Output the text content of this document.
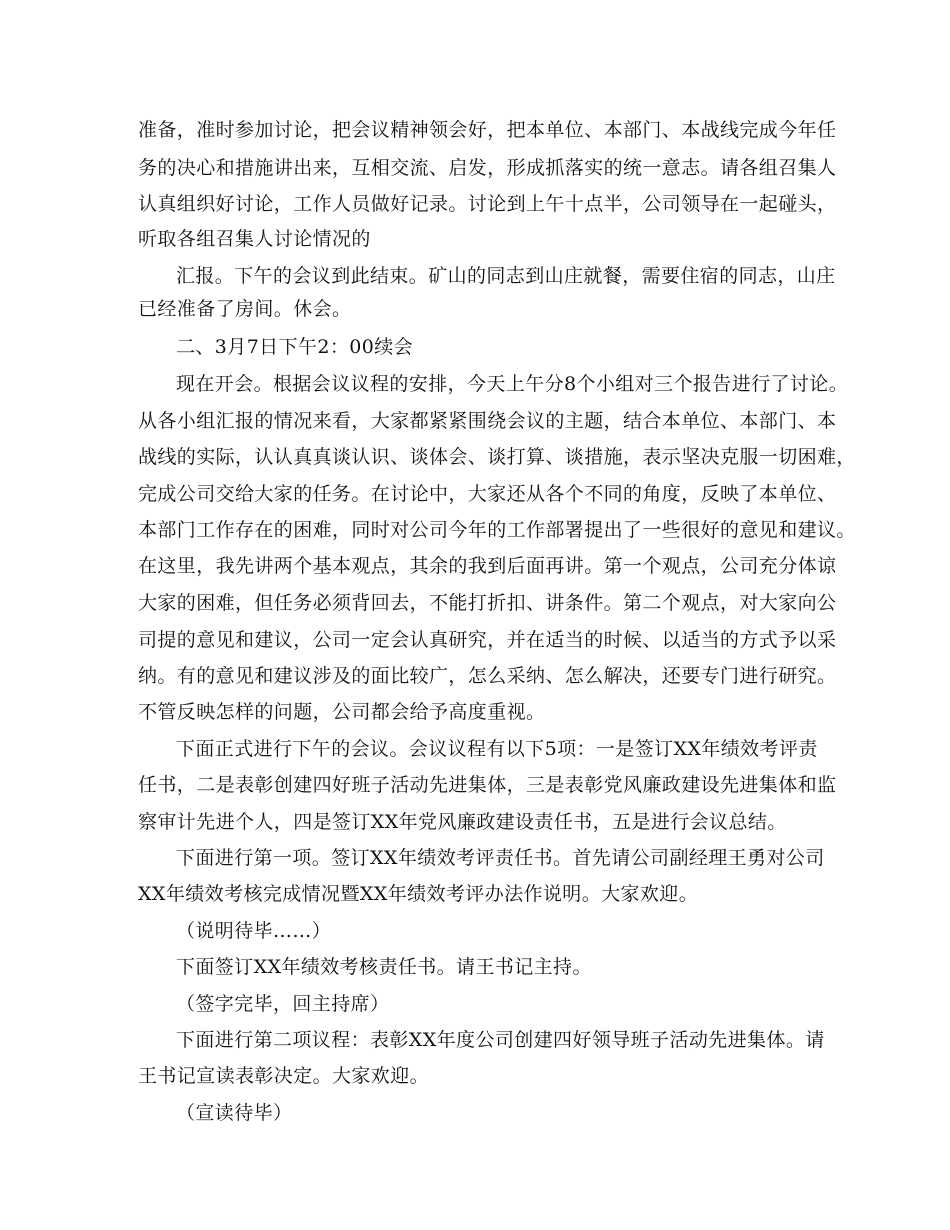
准备，准时参加讨论，把会议精神领会好，把本单位、本部门、本战线完成今年任
务的决心和措施讲出来，互相交流、启发，形成抓落实的统一意志。请各组召集人
认真组织好讨论，工作人员做好记录。讨论到上午十点半，公司领导在一起碰头，
听取各组召集人讨论情况的
汇报。下午的会议到此结束。矿山的同志到山庄就餐，需要住宿的同志，山庄
已经准备了房间。休会。
二、3月7日下午2：00续会
现在开会。根据会议议程的安排，今天上午分8个小组对三个报告进行了讨论。
从各小组汇报的情况来看，大家都紧紧围绕会议的主题，结合本单位、本部门、本
战线的实际，认认真真谈认识、谈体会、谈打算、谈措施，表示坚决克服一切困难，
完成公司交给大家的任务。在讨论中，大家还从各个不同的角度，反映了本单位、
本部门工作存在的困难，同时对公司今年的工作部署提出了一些很好的意见和建议。
在这里，我先讲两个基本观点，其余的我到后面再讲。第一个观点，公司充分体谅
大家的困难，但任务必须背回去，不能打折扣、讲条件。第二个观点，对大家向公
司提的意见和建议，公司一定会认真研究，并在适当的时候、以适当的方式予以采
纳。有的意见和建议涉及的面比较广，怎么采纳、怎么解决，还要专门进行研究。
不管反映怎样的问题，公司都会给予高度重视。
下面正式进行下午的会议。会议议程有以下5项：一是签订XX年绩效考评责
任书，二是表彰创建四好班子活动先进集体，三是表彰党风廉政建设先进集体和监
察审计先进个人，四是签订XX年党风廉政建设责任书，五是进行会议总结。
下面进行第一项。签订XX年绩效考评责任书。首先请公司副经理王勇对公司
XX年绩效考核完成情况暨XX年绩效考评办法作说明。大家欢迎。
（说明待毕……）
下面签订XX年绩效考核责任书。请王书记主持。
（签字完毕，回主持席）
下面进行第二项议程：表彰XX年度公司创建四好领导班子活动先进集体。请
王书记宣读表彰决定。大家欢迎。
（宣读待毕）
